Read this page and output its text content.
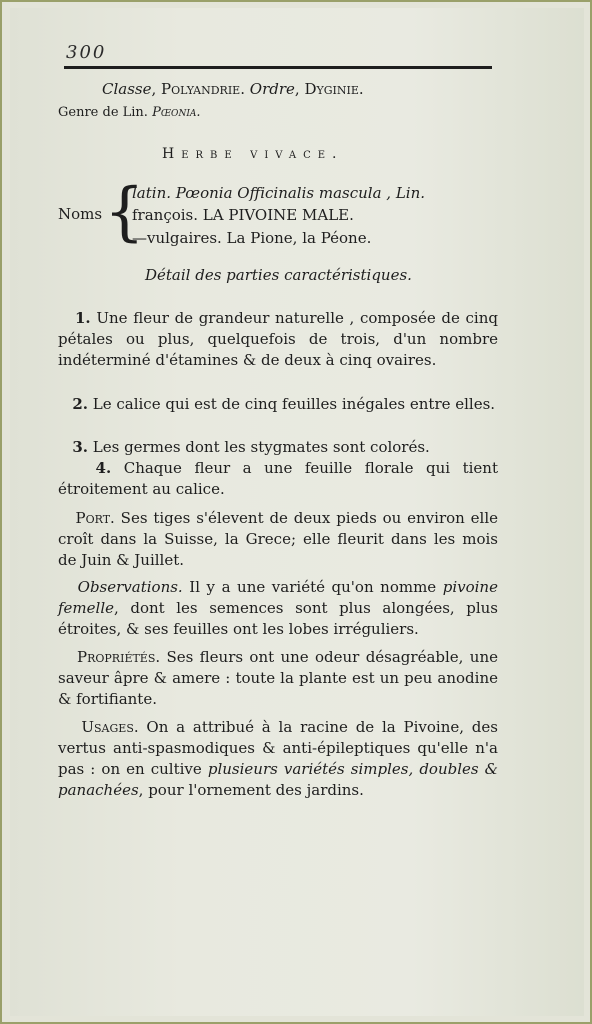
300
Classe, Polyandrie. Ordre, Dyginie.
Genre de Lin. Pœonia.
Herbe vivace.
Noms {
latin. Pœonia Officinalis mascula , Lin.
françois. LA PIVOINE MALE.
—vulgaires. La Pione, la Péone.
Détail des parties caractéristiques.
1. Une fleur de grandeur naturelle , composée de cinq pétales ou plus, quelquefois de trois, d'un nombre indéterminé d'étamines & de deux à cinq ovaires.
2. Le calice qui est de cinq feuilles inégales entre elles.
3. Les germes dont les stygmates sont colorés.
4. Chaque fleur a une feuille florale qui tient étroitement au calice.
Port. Ses tiges s'élevent de deux pieds ou environ elle croît dans la Suisse, la Grece; elle fleurit dans les mois de Juin & Juillet.
Observations. Il y a une variété qu'on nomme pivoine femelle, dont les semences sont plus alongées, plus étroites, & ses feuilles ont les lobes irréguliers.
Propriétés. Ses fleurs ont une odeur désagréable, une saveur âpre & amere : toute la plante est un peu anodine & fortifiante.
Usages. On a attribué à la racine de la Pivoine, des vertus anti-spasmodiques & anti-épileptiques qu'elle n'a pas : on en cultive plusieurs variétés simples, doubles & panachées, pour l'ornement des jardins.
